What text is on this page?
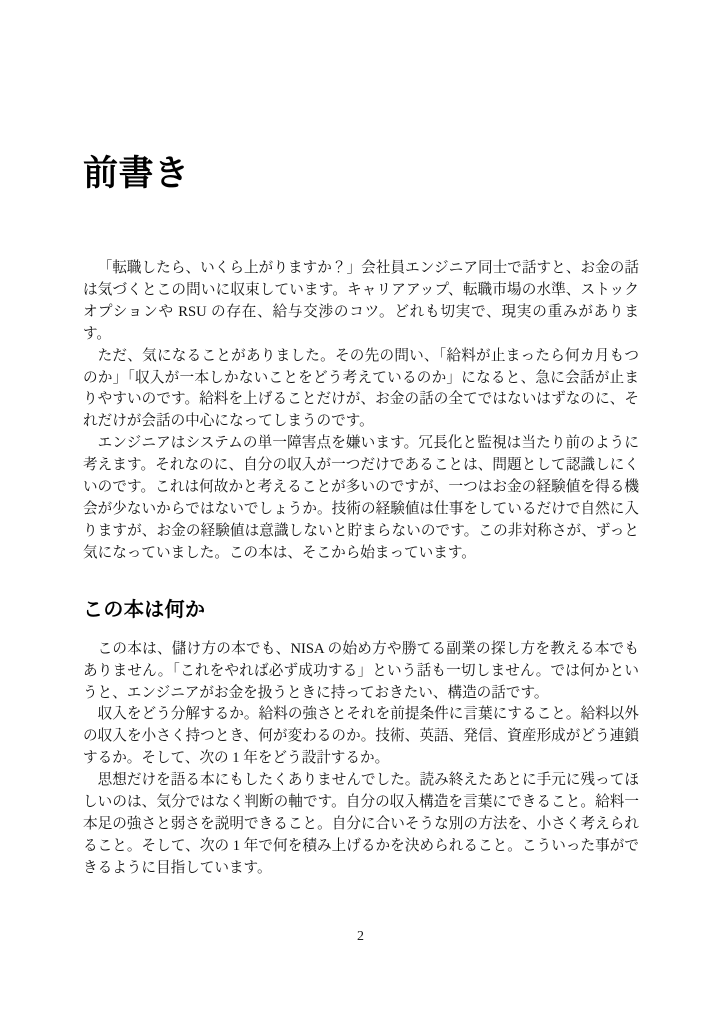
前書き

「転職したら、いくら上がりますか？」会社員エンジニア同士で話すと、お金の話は気づくとこの問いに収束しています。キャリアアップ、転職市場の水準、ストックオプションや RSU の存在、給与交渉のコツ。どれも切実で、現実の重みがあります。

ただ、気になることがありました。その先の問い、「給料が止まったら何カ月もつのか」「収入が一本しかないことをどう考えているのか」になると、急に会話が止まりやすいのです。給料を上げることだけが、お金の話の全てではないはずなのに、それだけが会話の中心になってしまうのです。

エンジニアはシステムの単一障害点を嫌います。冗長化と監視は当たり前のように考えます。それなのに、自分の収入が一つだけであることは、問題として認識しにくいのです。これは何故かと考えることが多いのですが、一つはお金の経験値を得る機会が少ないからではないでしょうか。技術の経験値は仕事をしているだけで自然に入りますが、お金の経験値は意識しないと貯まらないのです。この非対称さが、ずっと気になっていました。この本は、そこから始まっています。

この本は何か

この本は、儲け方の本でも、NISA の始め方や勝てる副業の探し方を教える本でもありません。「これをやれば必ず成功する」という話も一切しません。では何かというと、エンジニアがお金を扱うときに持っておきたい、構造の話です。

収入をどう分解するか。給料の強さとそれを前提条件に言葉にすること。給料以外の収入を小さく持つとき、何が変わるのか。技術、英語、発信、資産形成がどう連鎖するか。そして、次の 1 年をどう設計するか。

思想だけを語る本にもしたくありませんでした。読み終えたあとに手元に残ってほしいのは、気分ではなく判断の軸です。自分の収入構造を言葉にできること。給料一本足の強さと弱さを説明できること。自分に合いそうな別の方法を、小さく考えられること。そして、次の 1 年で何を積み上げるかを決められること。こういった事ができるように目指しています。

2
